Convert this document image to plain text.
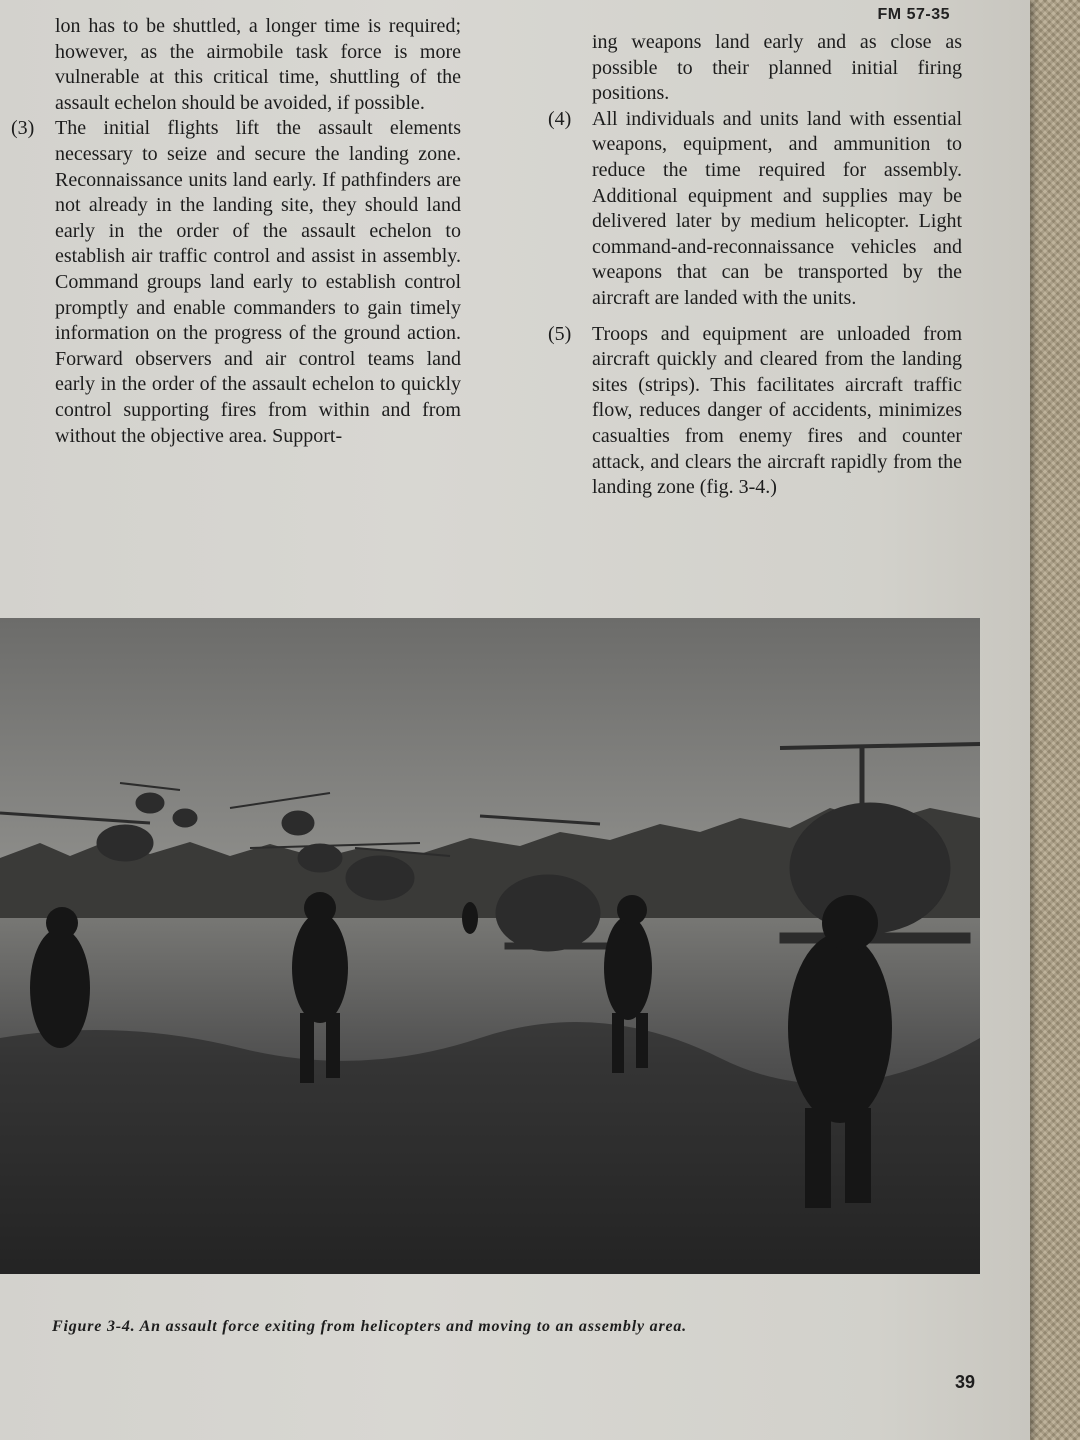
FM 57-35

lon has to be shuttled, a longer time is required; however, as the airmobile task force is more vulnerable at this critical time, shuttling of the assault echelon should be avoided, if possible.

(3) The initial flights lift the assault elements necessary to seize and secure the landing zone. Reconnaissance units land early. If pathfinders are not already in the landing site, they should land early in the order of the assault echelon to establish air traffic control and assist in assembly. Command groups land early to establish control promptly and enable commanders to gain timely information on the progress of the ground action. Forward observers and air control teams land early in the order of the assault echelon to quickly control supporting fires from within and from without the objective area. Support-

ing weapons land early and as close as possible to their planned initial firing positions.

(4) All individuals and units land with essential weapons, equipment, and ammunition to reduce the time required for assembly. Additional equipment and supplies may be delivered later by medium helicopter. Light command-and-reconnaissance vehicles and weapons that can be transported by the aircraft are landed with the units.

(5) Troops and equipment are unloaded from aircraft quickly and cleared from the landing sites (strips). This facilitates aircraft traffic flow, reduces danger of accidents, minimizes casualties from enemy fires and counter attack, and clears the aircraft rapidly from the landing zone (fig. 3-4.)

Figure 3-4. An assault force exiting from helicopters and moving to an assembly area.
39
